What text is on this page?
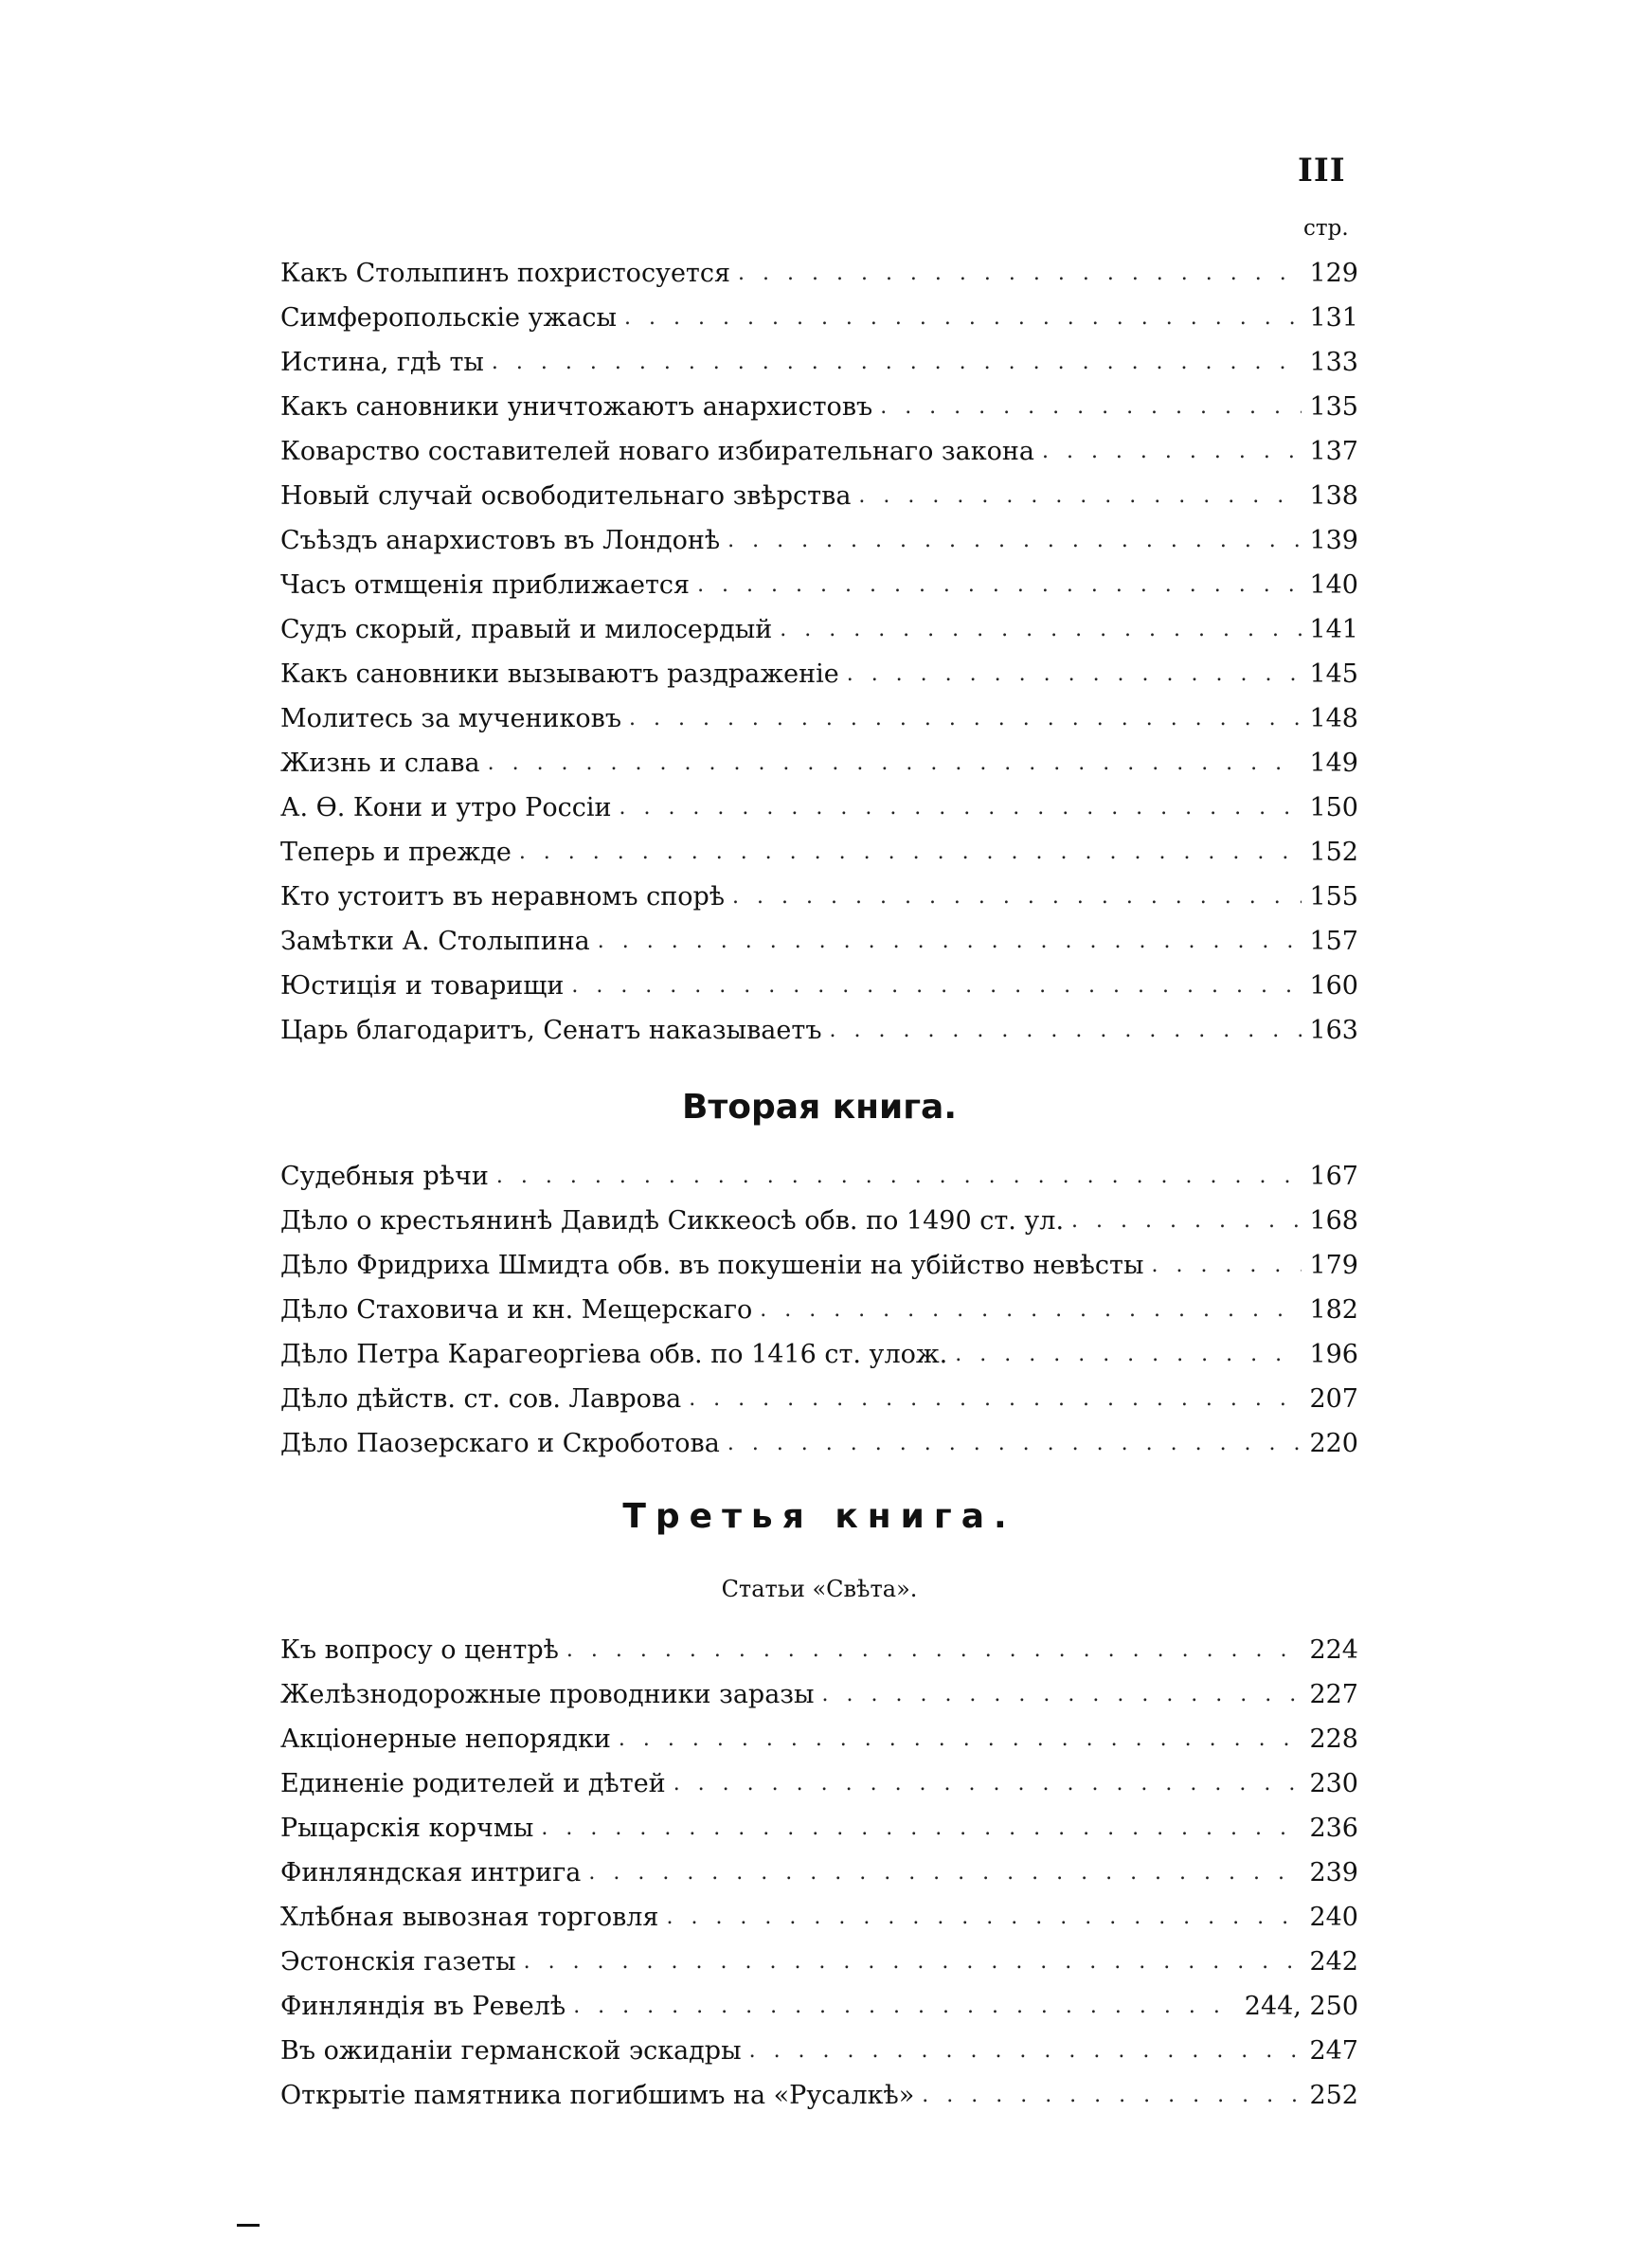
III
стр.
Какъ Столыпинъ похристосуется . . .	129
Симферопольскіе ужасы . . .	131
Истина, гдѣ ты . . .	133
Какъ сановники уничтожаютъ анархистовъ . . .	135
Коварство составителей новаго избирательнаго закона . . .	137
Новый случай освободительнаго звѣрства . . .	138
Съѣздъ анархистовъ въ Лондонѣ . . .	139
Часъ отмщенія приближается . . .	140
Судъ скорый, правый и милосердый . . .	141
Какъ сановники вызываютъ раздраженіе . . .	145
Молитесь за мучениковъ . . .	148
Жизнь и слава . . .	149
А. Ѳ. Кони и утро Россіи . . .	150
Теперь и прежде . . .	152
Кто устоитъ въ неравномъ спорѣ . . .	155
Замѣтки А. Столыпина . . .	157
Юстиція и товарищи . . .	160
Царь благодаритъ, Сенатъ наказываетъ . . .	163
Вторая книга.
Судебныя рѣчи . . .	167
Дѣло о крестьянинѣ Давидѣ Сиккеосѣ обв. по 1490 ст. ул. . . .	168
Дѣло Фридриха Шмидта обв. въ покушеніи на убійство невѣсты . . .	179
Дѣло Стаховича и кн. Мещерскаго . . .	182
Дѣло Петра Карагеоргіева обв. по 1416 ст. улож. . . .	196
Дѣло дѣйств. ст. сов. Лаврова . . .	207
Дѣло Паозерскаго и Скроботова . . .	220
Третья книга.
Статьи «Свѣта».
Къ вопросу о центрѣ . . .	224
Желѣзнодорожные проводники заразы . . .	227
Акціонерные непорядки . . .	228
Единеніе родителей и дѣтей . . .	230
Рыцарскія корчмы . . .	236
Финляндская интрига . . .	239
Хлѣбная вывозная торговля . . .	240
Эстонскія газеты . . .	242
Финляндія въ Ревелѣ . . .	244, 250
Въ ожиданіи германской эскадры . . .	247
Открытіе памятника погибшимъ на «Русалкѣ» . . .	252
